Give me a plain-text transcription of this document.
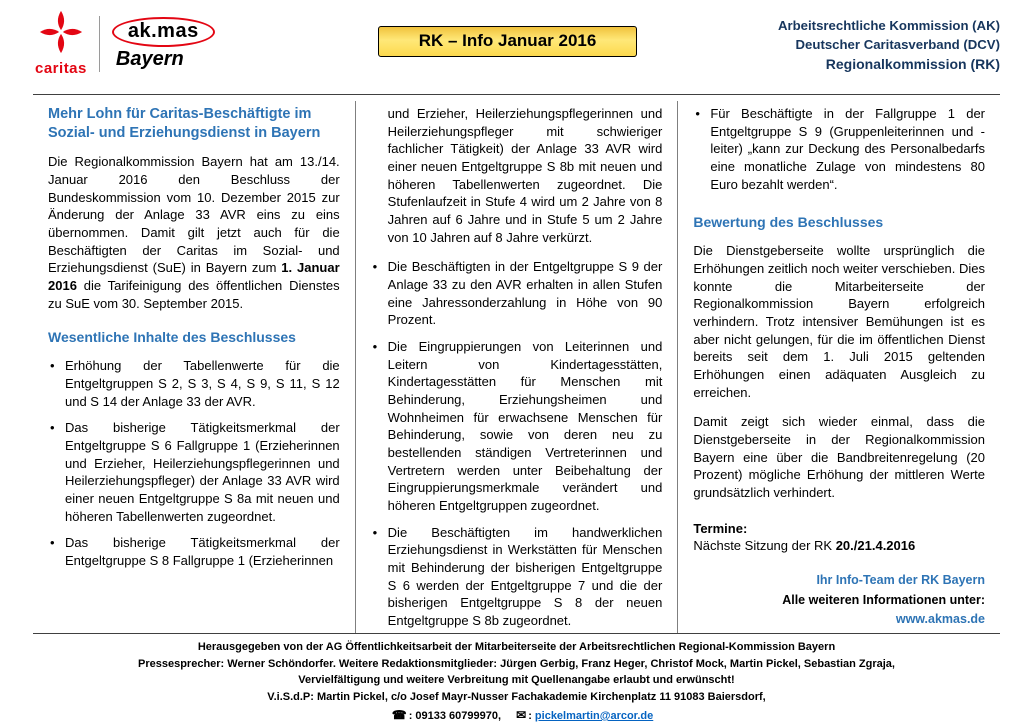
caritas
ak.mas
Bayern
RK – Info Januar 2016
Arbeitsrechtliche Kommission (AK)
Deutscher Caritasverband (DCV)
Regionalkommission (RK)
Mehr Lohn für Caritas-Beschäftigte im Sozial- und Erziehungsdienst in Bayern

Die Regionalkommission Bayern hat am 13./14. Januar 2016 den Beschluss der Bundeskommission vom 10. Dezember 2015 zur Änderung der Anlage 33 AVR eins zu eins übernommen. Damit gilt jetzt auch für die Beschäftigten der Caritas im Sozial- und Erziehungsdienst (SuE) in Bayern zum 1. Januar 2016 die Tarifeinigung des öffentlichen Dienstes zu SuE vom 30. September 2015.

Wesentliche Inhalte des Beschlusses
• Erhöhung der Tabellenwerte für die Entgeltgruppen S 2, S 3, S 4, S 9, S 11, S 12 und S 14 der Anlage 33 der AVR.
• Das bisherige Tätigkeitsmerkmal der Entgeltgruppe S 6 Fallgruppe 1 (Erzieherinnen und Erzieher, Heilerziehungspflegerinnen und Heilerziehungspfleger) der Anlage 33 AVR wird einer neuen Entgeltgruppe S 8a mit neuen und höheren Tabellenwerten zugeordnet.
• Das bisherige Tätigkeitsmerkmal der Entgeltgruppe S 8 Fallgruppe 1 (Erzieherinnen

und Erzieher, Heilerziehungspflegerinnen und Heilerziehungspfleger mit schwieriger fachlicher Tätigkeit) der Anlage 33 AVR wird einer neuen Entgeltgruppe S 8b mit neuen und höheren Tabellenwerten zugeordnet. Die Stufenlaufzeit in Stufe 4 wird um 2 Jahre von 8 Jahren auf 6 Jahre und in Stufe 5 um 2 Jahre von 10 Jahren auf 8 Jahre verkürzt.

• Die Beschäftigten in der Entgeltgruppe S 9 der Anlage 33 zu den AVR erhalten in allen Stufen eine Jahressonderzahlung in Höhe von 90 Prozent.
• Die Eingruppierungen von Leiterinnen und Leitern von Kindertagesstätten, Kindertagesstätten für Menschen mit Behinderung, Erziehungsheimen und Wohnheimen für erwachsene Menschen für Behinderung, sowie von deren neu zu bestellenden ständigen Vertreterinnen und Vertretern werden unter Beibehaltung der Eingruppierungsmerkmale verändert und höheren Entgeltgruppen zugeordnet.
• Die Beschäftigten im handwerklichen Erziehungsdienst in Werkstätten für Menschen mit Behinderung der bisherigen Entgeltgruppe S 6 werden der Entgeltgruppe 7 und die der bisherigen Entgeltgruppe S 8 der neuen Entgeltgruppe S 8b zugeordnet.
• Für Beschäftigte in der Fallgruppe 1 der Entgeltgruppe S 9 (Gruppenleiterinnen und -leiter) „kann zur Deckung des Personalbedarfs eine monatliche Zulage von mindestens 80 Euro bezahlt werden“.
Bewertung des Beschlusses

Die Dienstgeberseite wollte ursprünglich die Erhöhungen zeitlich noch weiter verschieben. Dies konnte die Mitarbeiterseite der Regionalkommission Bayern erfolgreich verhindern. Trotz intensiver Bemühungen ist es aber nicht gelungen, für die im öffentlichen Dienst bereits seit dem 1. Juli 2015 geltenden Erhöhungen einen adäquaten Ausgleich zu erreichen.

Damit zeigt sich wieder einmal, dass die Dienstgeberseite in der Regionalkommission Bayern eine über die Bandbreitenregelung (20 Prozent) mögliche Erhöhung der mittleren Werte grundsätzlich verhindert.

Termine:
Nächste Sitzung der RK 20./21.4.2016
Ihr Info-Team der RK Bayern
Alle weiteren Informationen unter:
www.akmas.de
Herausgegeben von der AG Öffentlichkeitsarbeit der Mitarbeiterseite der Arbeitsrechtlichen Regional-Kommission Bayern
Pressesprecher: Werner Schöndorfer. Weitere Redaktionsmitglieder: Jürgen Gerbig, Franz Heger, Christof Mock, Martin Pickel, Sebastian Zgraja,
Vervielfältigung und weitere Verbreitung mit Quellenangabe erlaubt und erwünscht!
V.i.S.d.P: Martin Pickel, c/o Josef Mayr-Nusser Fachakademie Kirchenplatz 11 91083 Baiersdorf,
☎ : 09133 60799970, ✉ : pickelmartin@arcor.de
